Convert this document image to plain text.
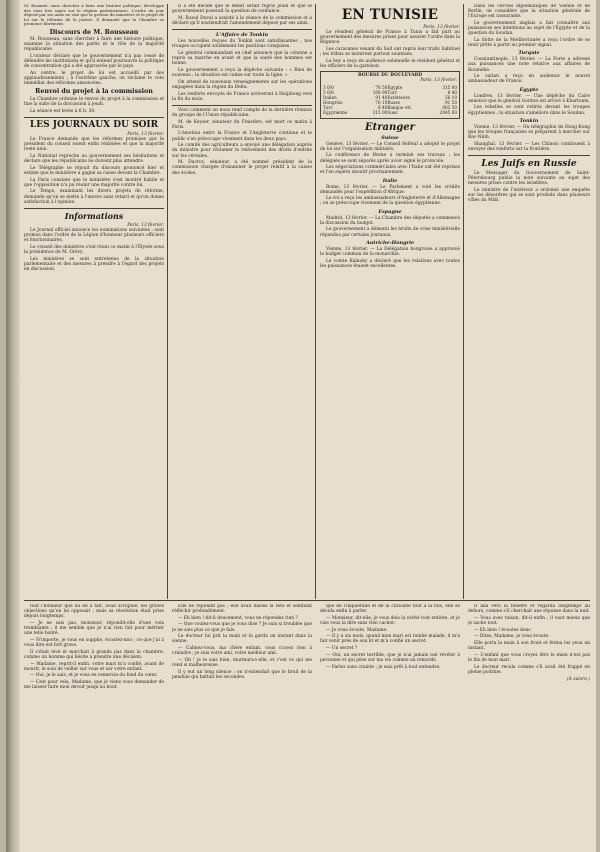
M. Rouanet, sans chercher à faire une histoire politique, développe des vues fort sages sur le régime parlementaire. L'ordre du jour déposé par ses amis ne vise que la gestion du ministère et le projet de loi sur la réforme de la justice. Il demande que la Chambre se prononce librement.

Discours de M. Rousseau

M. Rousseau, sans chercher à faire une histoire politique, examine la situation des partis et le rôle de la majorité républicaine.

L'orateur déclare que le gouvernement n'a pas cessé de défendre les institutions et qu'il entend poursuivre la politique de concentration qui a été approuvée par le pays.

Au centre, le projet de loi est accueilli par des applaudissements ; à l'extrême gauche, on réclame le vote immédiat des réformes annoncées.

Renvoi du projet à la commission

La Chambre ordonne le renvoi du projet à la commission et fixe la suite de la discussion à jeudi.

La séance est levée à 6 h. 30.

LES JOURNAUX DU SOIR
Paris, 13 février.

Le France demande que les réformes promises par le président du conseil soient enfin réalisées et que la majorité reste unie.

La National reproche au gouvernement ses hésitations et déclare que les républicains ne doivent plus attendre.

Le Télégraphe se réjouit du discours prononcé hier et estime que le ministère a gagné sa cause devant la Chambre.

La Paris constate que le ministère s'est montré habile et que l'opposition n'a pu réunir une majorité contre lui.

Le Temps, examinant les divers projets de réforme, demande qu'on se mette à l'œuvre sans retard et qu'on donne satisfaction à l'opinion.

Informations
Paris, 13 février.

Le Journal officiel annonce les nominations suivantes : sont promus dans l'ordre de la Légion d'honneur plusieurs officiers et fonctionnaires.

Le conseil des ministres s'est réuni ce matin à l'Élysée sous la présidence de M. Grévy.

Les ministres se sont entretenus de la situation parlementaire et des mesures à prendre à l'égard des projets en discussion.

Il a été décidé que le débat serait repris jeudi et que le gouvernement poserait la question de confiance.

M. Raoul Duval a assisté à la séance de la commission et a déclaré qu'il soutiendrait l'amendement déposé par ses amis.

L'Affaire de Tonkin

Les nouvelles reçues du Tonkin sont satisfaisantes ; nos troupes occupent solidement les positions conquises.

Le général commandant en chef annonce que la colonne a repris sa marche en avant et que la santé des hommes est bonne.

Le gouvernement a reçu la dépêche suivante : « Rien de nouveau ; la situation est calme sur toute la ligne. »

On attend de nouveaux renseignements sur les opérations engagées dans la région du Delta.

Les renforts envoyés de France arriveront à Haïphong vers la fin du mois.

Voici comment on nous rend compte de la dernière réunion du groupe de l'Union républicaine.

M. de Keyser, sénateur du Finistère, est mort ce matin à Paris.

L'émotion entre la France et l'Angleterre continue et le public s'en préoccupe vivement dans les deux pays.

Le comité des agriculteurs a envoyé une délégation auprès du ministre pour réclamer le relèvement des droits d'entrée sur les céréales.

M. Ducroc, sénateur, a été nommé président de la commission chargée d'examiner le projet relatif à la caisse des écoles.

EN TUNISIE
Paris, 13 février.

Le résident général de France à Tunis a fait part au gouvernement des mesures prises pour assurer l'ordre dans la Régence.

Les caravanes venant du Sud ont repris leur trafic habituel ; les tribus se montrent partout soumises.

Le bey a reçu en audience solennelle le résident général et les officiers de la garnison.

BOURSE DU BOULEVARD
Paris, 13 février.
3 0/0	78 50	Égypte	315 00
5 0/0	108 90	Turc	8 40
Italien	91 40	Extérieure	56 10
Hongrois	76 10	Russe	91 50
Turc	8 40	Banque ott.	603 50
Égyptienne	315 00	Suez	2045 00
Etranger
Suisse

Genève, 13 février. — Le Conseil fédéral a adopté le projet de loi sur l'organisation militaire.

La conférence de Berne a terminé ses travaux ; les délégués se sont séparés après avoir signé le protocole.

Les négociations commerciales avec l'Italie ont été reprises et l'on espère aboutir prochainement.

Italie

Rome, 13 février. — Le Parlement a voté les crédits demandés pour l'expédition d'Afrique.

Le roi a reçu les ambassadeurs d'Angleterre et d'Allemagne ; on se préoccupe vivement de la question égyptienne.

Espagne

Madrid, 13 février. — La Chambre des députés a commencé la discussion du budget.

Le gouvernement a démenti les bruits de crise ministérielle répandus par certains journaux.

Autriche-Hongrie

Vienne, 13 février. — La Délégation hongroise a approuvé le budget commun de la monarchie.

Le comte Kalnoky a déclaré que les relations avec toutes les puissances étaient excellentes.

Dans les cercles diplomatiques de Vienne et de Berlin, on considère que la situation générale de l'Europe est rassurante.

Le gouvernement anglais a fait connaître aux puissances ses intentions au sujet de l'Égypte et de la question du Soudan.

La flotte de la Méditerranée a reçu l'ordre de se tenir prête à partir au premier signal.

Turquie

Constantinople, 13 février. — La Porte a adressé aux puissances une note relative aux affaires de Roumélie.

Le sultan a reçu en audience le nouvel ambassadeur de France.

Égypte

Londres, 13 février. — Une dépêche du Caire annonce que le général Gordon est arrivé à Khartoum.

Les rebelles se sont retirés devant les troupes égyptiennes ; la situation s'améliore dans le Soudan.

Tonkin

Vienne, 13 février. — On télégraphie de Hong-Kong que les troupes françaises se préparent à marcher sur Bac-Ninh.

Shanghaï, 13 février. — Les Chinois continuent à envoyer des renforts sur la frontière.

Les Juifs en Russie

Le Messager du Gouvernement de Saint-Pétersbourg publie la note suivante au sujet des mesures prises contre les israélites.

Le ministre de l'intérieur a ordonné une enquête sur les désordres qui se sont produits dans plusieurs villes du Midi.

tout l'honneur que lui en a fait, avait scrupule, les graves objections qu'on lui opposait ; mais sa résolution était prise depuis longtemps.

— Je ne sais pas, monsieur, répondit-elle d'une voix tremblante ; il me semble que je n'ai rien fait pour mériter une telle bonté.

— N'importe, je vous en supplie, écoutez-moi ; ce que j'ai à vous dire est fort grave.

Il s'était levé et marchait à grands pas dans la chambre, comme un homme qui hésite à prendre une décision.

— Madame, reprit-il enfin, votre mari m'a confié, avant de mourir, le soin de veiller sur vous et sur votre enfant.

— Oui, je le sais, et je vous en remercie du fond du cœur.

— Cest pour cela, Madame, que je viens vous demander de me laisser faire mon devoir jusqu'au bout.

Elle ne répondit pas ; elle avait baissé la tête et semblait réfléchir profondément.

— Eh bien ! dit-il doucement, vous ne répondez rien ?

— Que voulez-vous que je vous dise ? Je suis si troublée que je ne sais plus ce que je fais.

Le docteur lui prit la main et la garda un instant dans la sienne.

— Calmez-vous, ma chère enfant, vous n'avez rien à craindre ; je suis votre ami, votre meilleur ami.

— Oh ! je le sais bien, murmura-t-elle, et c'est ce qui me rend si malheureuse.

Il y eut un long silence ; on n'entendait que le bruit de la pendule qui battait les secondes.

que de l'inquiétude et de la curiosité tout à la fois, elle se décida enfin à parler.

— Monsieur, dit-elle, je vous dois la vérité tout entière, et je vais vous la dire sans rien cacher.

— Je vous écoute, Madame.

— Il y a six mois, quand mon mari est tombé malade, il m'a fait venir près de son lit et m'a confié un secret.

— Un secret ?

— Oui, un secret terrible, que je n'ai jamais osé révéler à personne et qui pèse sur ma vie comme un remords.

— Parlez sans crainte ; je suis prêt à tout entendre.

Il alla vers la fenêtre et regarda longtemps au dehors, comme s'il cherchait une réponse dans la nuit.

— Vous avez raison, dit-il enfin ; il vaut mieux que je sache tout.

— Eh bien ! écoutez donc.

— Dites, Madame, je vous écoute.

Elle porta la main à son front et ferma les yeux un instant.

— L'enfant que vous croyez être le mien n'est pas le fils de mon mari.

Le docteur recula comme s'il avait été frappé en pleine poitrine.

(A suivre.)
